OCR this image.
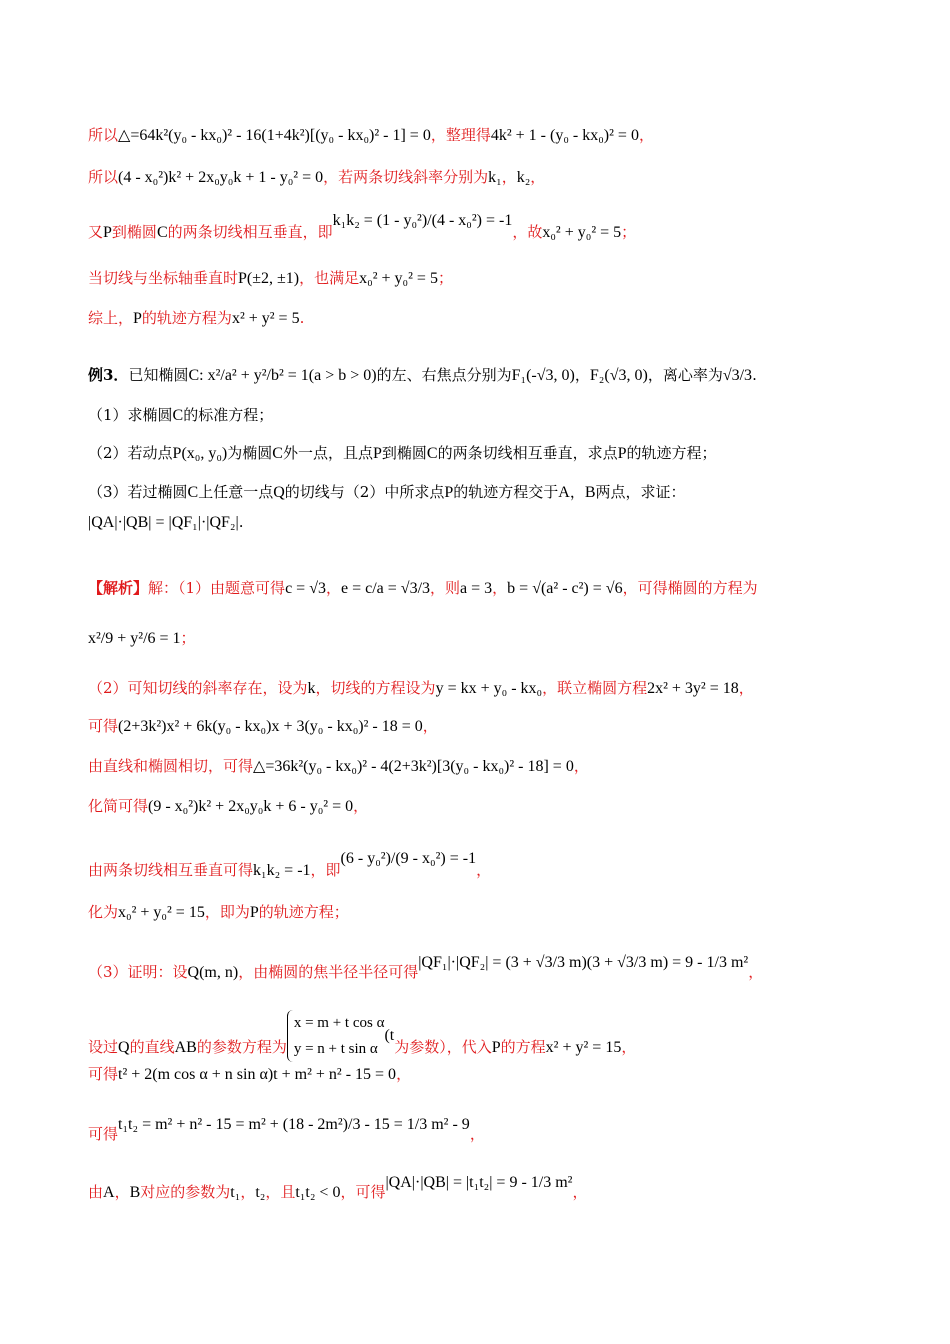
所以△=64k²(y₀ - kx₀)² - 16(1+4k²)[(y₀ - kx₀)² - 1] = 0，整理得4k² + 1 - (y₀ - kx₀)² = 0，
所以(4 - x₀²)k² + 2x₀y₀k + 1 - y₀² = 0，若两条切线斜率分别为k₁，k₂，
又P到椭圆C的两条切线相互垂直，即k₁k₂ = (1 - y₀²)/(4 - x₀²) = -1，故x₀² + y₀² = 5；
当切线与坐标轴垂直时P(±2, ±1)，也满足x₀² + y₀² = 5；
综上，P的轨迹方程为x² + y² = 5.
例3．已知椭圆C: x²/a² + y²/b² = 1(a > b > 0)的左、右焦点分别为F₁(-√3, 0)，F₂(√3, 0)，离心率为√3/3.
（1）求椭圆C的标准方程；
（2）若动点P(x₀, y₀)为椭圆C外一点，且点P到椭圆C的两条切线相互垂直，求点P的轨迹方程；
（3）若过椭圆C上任意一点Q的切线与（2）中所求点P的轨迹方程交于A，B两点，求证：
|QA|·|QB| = |QF₁|·|QF₂|.
【解析】解：（1）由题意可得c = √3，e = c/a = √3/3，则a = 3，b = √(a² - c²) = √6，可得椭圆的方程为
x²/9 + y²/6 = 1；
（2）可知切线的斜率存在，设为k，切线的方程设为y = kx + y₀ - kx₀，联立椭圆方程2x² + 3y² = 18，
可得(2+3k²)x² + 6k(y₀ - kx₀)x + 3(y₀ - kx₀)² - 18 = 0，
由直线和椭圆相切，可得△=36k²(y₀ - kx₀)² - 4(2+3k²)[3(y₀ - kx₀)² - 18] = 0，
化简可得(9 - x₀²)k² + 2x₀y₀k + 6 - y₀² = 0，
由两条切线相互垂直可得k₁k₂ = -1，即(6 - y₀²)/(9 - x₀²) = -1，
化为x₀² + y₀² = 15，即为P的轨迹方程；
（3）证明：设Q(m, n)，由椭圆的焦半径半径可得|QF₁|·|QF₂| = (3 + √3/3 m)(3 + √3/3 m) = 9 - 1/3 m²，
设过Q的直线AB的参数方程为
x = m + t cos α
y = n + t sin α
(t为参数），代入P的方程x² + y² = 15，
可得t² + 2(m cos α + n sin α)t + m² + n² - 15 = 0，
可得t₁t₂ = m² + n² - 15 = m² + (18 - 2m²)/3 - 15 = 1/3 m² - 9，
由A，B对应的参数为t₁，t₂，且t₁t₂ < 0，可得|QA|·|QB| = |t₁t₂| = 9 - 1/3 m²，
